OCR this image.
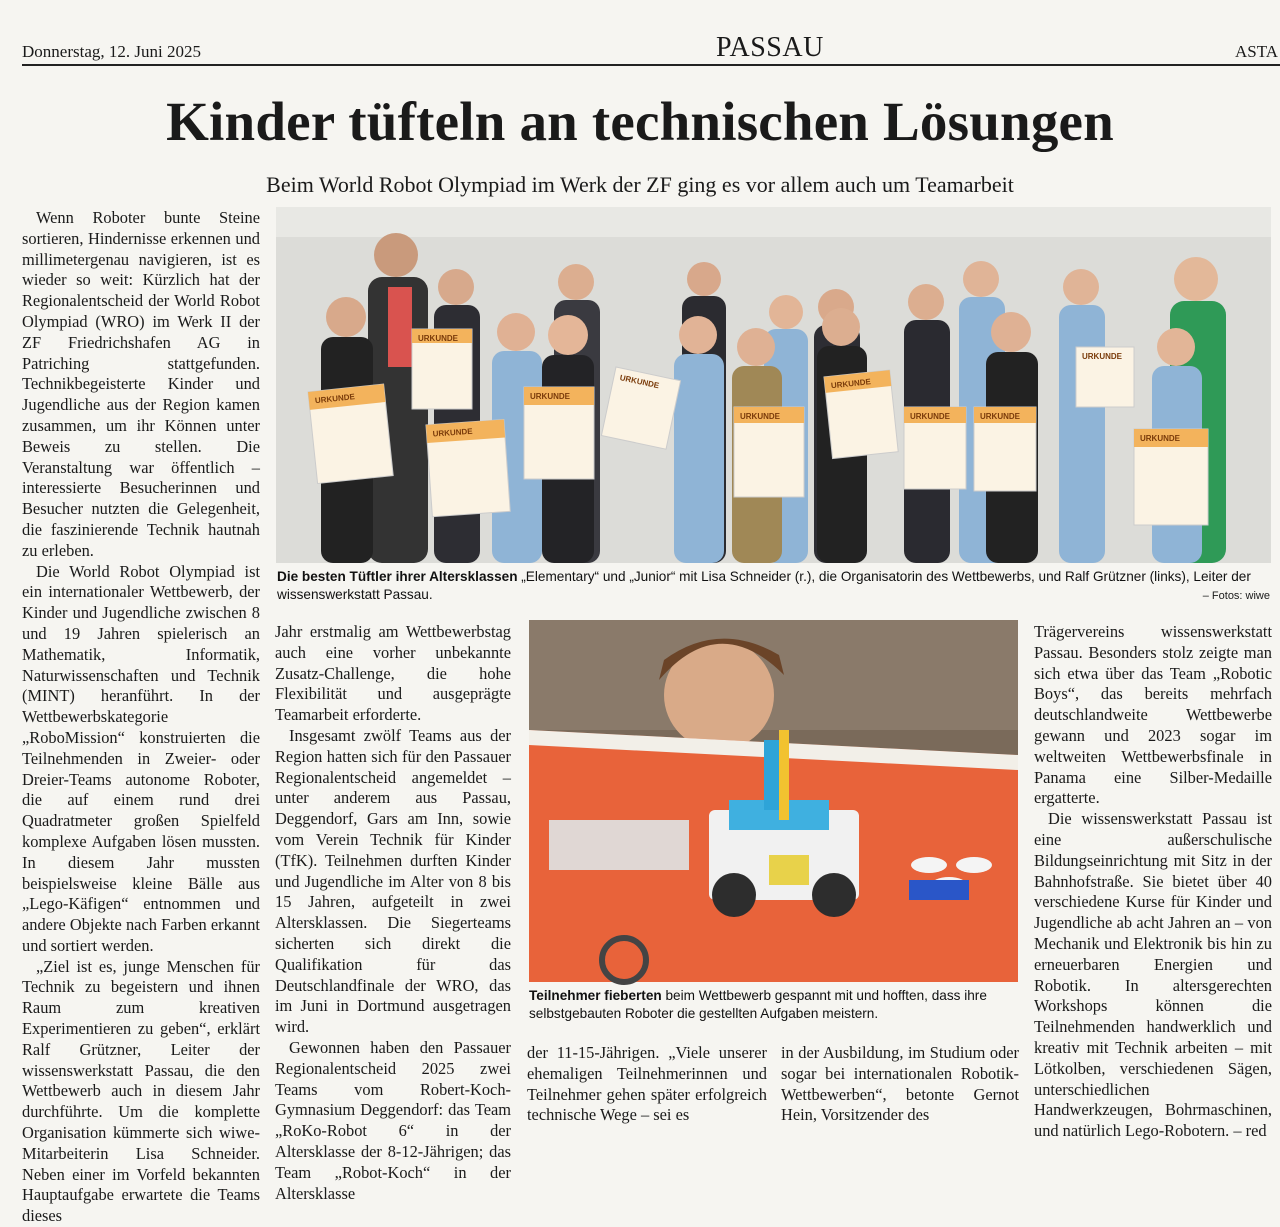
Donnerstag, 12. Juni 2025	PASSAU	ASTA
Kinder tüfteln an technischen Lösungen
Beim World Robot Olympiad im Werk der ZF ging es vor allem auch um Teamarbeit

Wenn Roboter bunte Steine sortieren, Hindernisse erkennen und millimetergenau navigieren, ist es wieder so weit: Kürzlich hat der Regionalentscheid der World Robot Olympiad (WRO) im Werk II der ZF Friedrichshafen AG in Patriching stattgefunden. Technikbegeisterte Kinder und Jugendliche aus der Region kamen zusammen, um ihr Können unter Beweis zu stellen. Die Veranstaltung war öffentlich – interessierte Besucherinnen und Besucher nutzten die Gelegenheit, die faszinierende Technik hautnah zu erleben.

Die World Robot Olympiad ist ein internationaler Wettbewerb, der Kinder und Jugendliche zwischen 8 und 19 Jahren spielerisch an Mathematik, Informatik, Naturwissenschaften und Technik (MINT) heranführt. In der Wettbewerbskategorie „RoboMission“ konstruierten die Teilnehmenden in Zweier- oder Dreier-Teams autonome Roboter, die auf einem rund drei Quadratmeter großen Spielfeld komplexe Aufgaben lösen mussten. In diesem Jahr mussten beispielsweise kleine Bälle aus „Lego-Käfigen“ entnommen und andere Objekte nach Farben erkannt und sortiert werden.

„Ziel ist es, junge Menschen für Technik zu begeistern und ihnen Raum zum kreativen Experimentieren zu geben“, erklärt Ralf Grützner, Leiter der wissenswerkstatt Passau, die den Wettbewerb auch in diesem Jahr durchführte. Um die komplette Organisation kümmerte sich wiwe-Mitarbeiterin Lisa Schneider. Neben einer im Vorfeld bekannten Hauptaufgabe erwartete die Teams dieses

URKUNDE
URKUNDE
URKUNDE
URKUNDE
URKUNDE
URKUNDE
URKUNDE
URKUNDE	URKUNDE
URKUNDE
URKUNDE
Die besten Tüftler ihrer Altersklassen „Elementary“ und „Junior“ mit Lisa Schneider (r.), die Organisatorin des Wettbewerbs, und Ralf Grützner (links), Leiter der wissenswerkstatt Passau.	– Fotos: wiwe

Jahr erstmalig am Wettbewerbstag auch eine vorher unbekannte Zusatz-Challenge, die hohe Flexibilität und ausgeprägte Teamarbeit erforderte.

Insgesamt zwölf Teams aus der Region hatten sich für den Passauer Regionalentscheid angemeldet – unter anderem aus Passau, Deggendorf, Gars am Inn, sowie vom Verein Technik für Kinder (TfK). Teilnehmen durften Kinder und Jugendliche im Alter von 8 bis 15 Jahren, aufgeteilt in zwei Altersklassen. Die Siegerteams sicherten sich direkt die Qualifikation für das Deutschlandfinale der WRO, das im Juni in Dortmund ausgetragen wird.

Gewonnen haben den Passauer Regionalentscheid 2025 zwei Teams vom Robert-Koch-Gymnasium Deggendorf: das Team „RoKo-Robot 6“ in der Altersklasse der 8-12-Jährigen; das Team „Robot-Koch“ in der Altersklasse

Teilnehmer fieberten beim Wettbewerb gespannt mit und hofften, dass ihre selbstgebauten Roboter die gestellten Aufgaben meistern.

der 11-15-Jährigen. „Viele unserer ehemaligen Teilnehmerinnen und Teilnehmer gehen später erfolgreich technische Wege – sei es

in der Ausbildung, im Studium oder sogar bei internationalen Robotik-Wettbewerben“, betonte Gernot Hein, Vorsitzender des

Trägervereins wissenswerkstatt Passau. Besonders stolz zeigte man sich etwa über das Team „Robotic Boys“, das bereits mehrfach deutschlandweite Wettbewerbe gewann und 2023 sogar im weltweiten Wettbewerbsfinale in Panama eine Silber-Medaille ergatterte.

Die wissenswerkstatt Passau ist eine außerschulische Bildungseinrichtung mit Sitz in der Bahnhofstraße. Sie bietet über 40 verschiedene Kurse für Kinder und Jugendliche ab acht Jahren an – von Mechanik und Elektronik bis hin zu erneuerbaren Energien und Robotik. In altersgerechten Workshops können die Teilnehmenden handwerklich und kreativ mit Technik arbeiten – mit Lötkolben, verschiedenen Sägen, unterschiedlichen Handwerkzeugen, Bohrmaschinen, und natürlich Lego-Robotern. – red
